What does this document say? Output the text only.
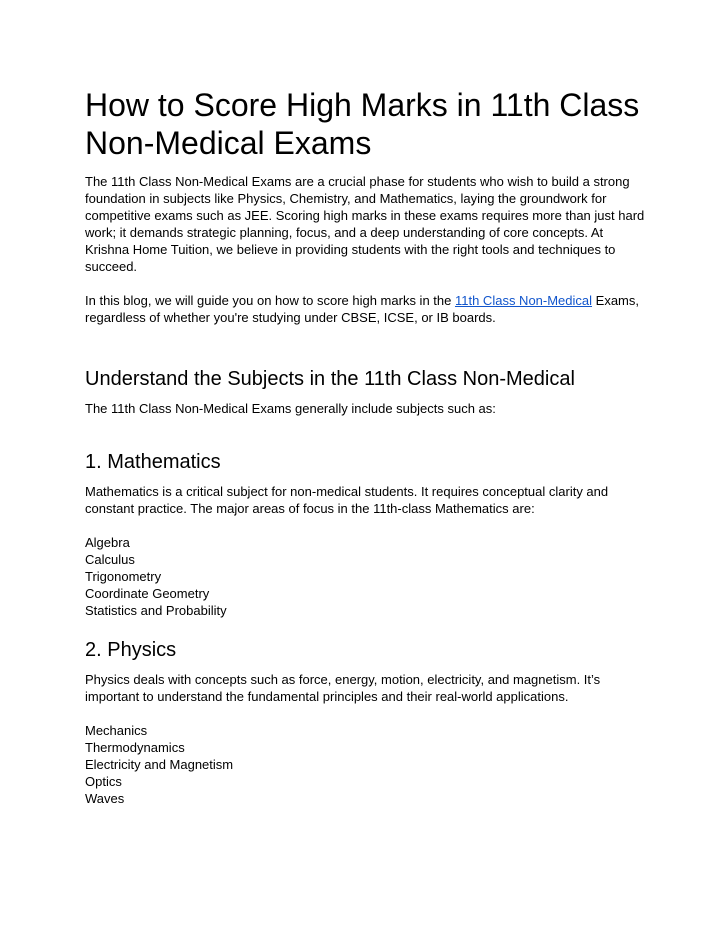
How to Score High Marks in 11th Class Non-Medical Exams

The 11th Class Non-Medical Exams are a crucial phase for students who wish to build a strong foundation in subjects like Physics, Chemistry, and Mathematics, laying the groundwork for competitive exams such as JEE. Scoring high marks in these exams requires more than just hard work; it demands strategic planning, focus, and a deep understanding of core concepts. At Krishna Home Tuition, we believe in providing students with the right tools and techniques to succeed.

In this blog, we will guide you on how to score high marks in the 11th Class Non-Medical Exams, regardless of whether you're studying under CBSE, ICSE, or IB boards.

Understand the Subjects in the 11th Class Non-Medical

The 11th Class Non-Medical Exams generally include subjects such as:

1. Mathematics

Mathematics is a critical subject for non-medical students. It requires conceptual clarity and constant practice. The major areas of focus in the 11th-class Mathematics are:

Algebra
Calculus
Trigonometry
Coordinate Geometry
Statistics and Probability
2. Physics

Physics deals with concepts such as force, energy, motion, electricity, and magnetism. It’s important to understand the fundamental principles and their real-world applications.

Mechanics
Thermodynamics
Electricity and Magnetism
Optics
Waves
